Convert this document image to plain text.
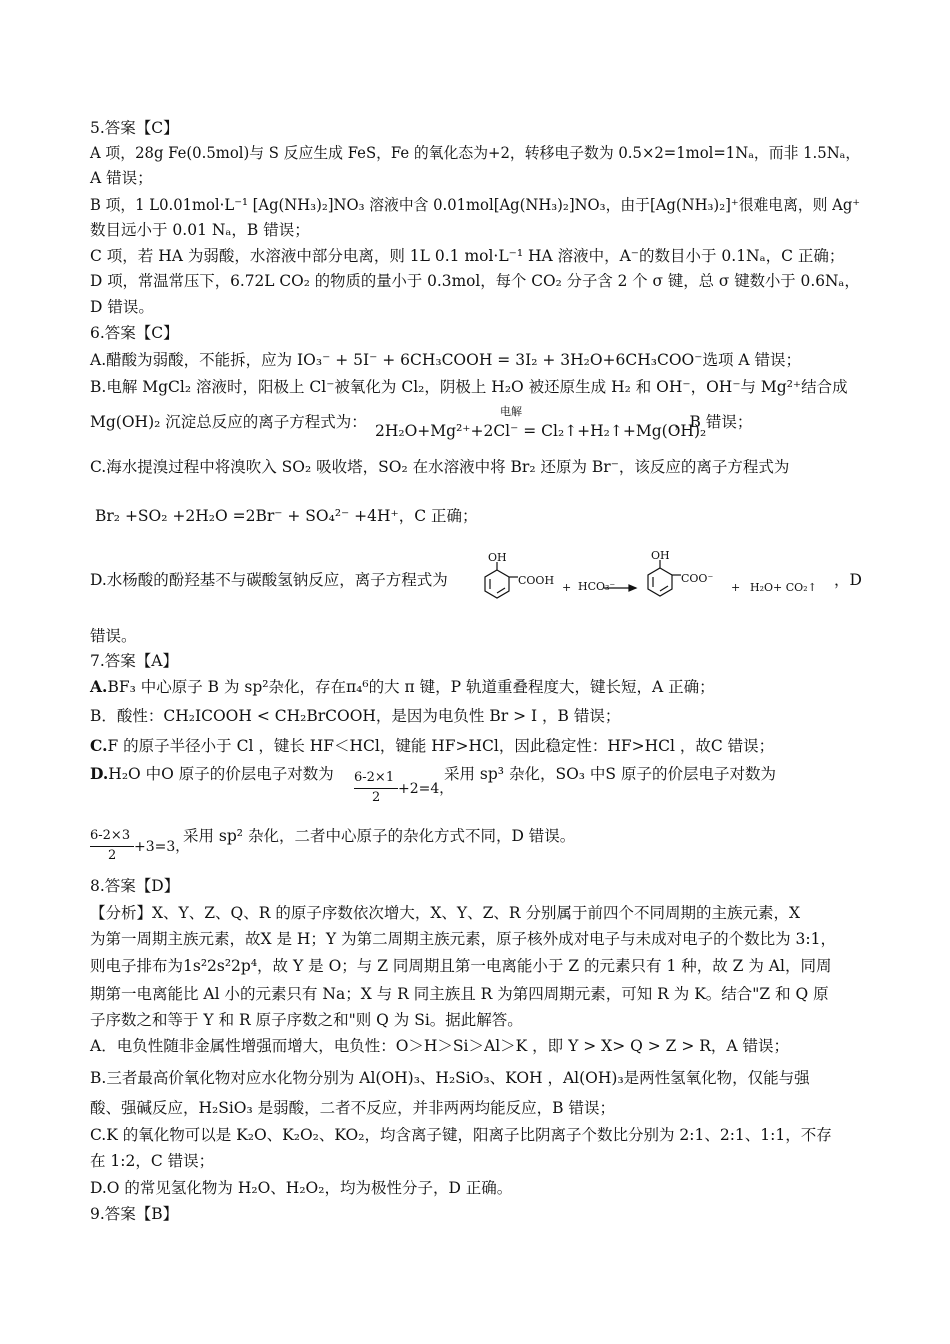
5.答案【C】
A 项，28g Fe(0.5mol)与 S 反应生成 FeS，Fe 的氧化态为+2，转移电子数为 0.5×2=1mol=1Nₐ，而非 1.5Nₐ，
A 错误；
B 项，1 L0.01mol·L⁻¹ [Ag(NH₃)₂]NO₃ 溶液中含 0.01mol[Ag(NH₃)₂]NO₃，由于[Ag(NH₃)₂]⁺很难电离，则 Ag⁺
数目远小于 0.01 Nₐ，B 错误；
C 项，若 HA 为弱酸，水溶液中部分电离，则 1L 0.1 mol·L⁻¹ HA 溶液中，A⁻的数目小于 0.1Nₐ，C 正确；
D 项，常温常压下，6.72L CO₂ 的物质的量小于 0.3mol，每个 CO₂ 分子含 2 个 σ 键，总 σ 键数小于 0.6Nₐ，
D 错误。
6.答案【C】
A.醋酸为弱酸，不能拆，应为 IO₃⁻ + 5I⁻ + 6CH₃COOH = 3I₂ + 3H₂O+6CH₃COO⁻选项 A 错误；
B.电解 MgCl₂ 溶液时，阳极上 Cl⁻被氧化为 Cl₂，阴极上 H₂O 被还原生成 H₂ 和 OH⁻，OH⁻与 Mg²⁺结合成
Mg(OH)₂ 沉淀总反应的离子方程式为：
电解
2H₂O+Mg²⁺+2Cl⁻ = Cl₂↑+H₂↑+Mg(OH)₂
，B 错误；
C.海水提溴过程中将溴吹入 SO₂ 吸收塔，SO₂ 在水溶液中将 Br₂ 还原为 Br⁻，该反应的离子方程式为
Br₂ +SO₂ +2H₂O =2Br⁻ + SO₄²⁻ +4H⁺，C 正确；
D.水杨酸的酚羟基不与碳酸氢钠反应，离子方程式为
OH
COOH
+ HCO₃⁻
OH
COO⁻
+ H₂O+ CO₂↑ ，D
错误。
7.答案【A】
A.BF₃ 中心原子 B 为 sp²杂化，存在π₄⁶的大 π 键，P 轨道重叠程度大，键长短，A 正确；
B．酸性：CH₂ICOOH < CH₂BrCOOH，是因为电负性 Br > I ，B 错误；
C.F 的原子半径小于 Cl ，键长 HF＜HCl，键能 HF>HCl，因此稳定性：HF>HCl ，故C 错误；
D.H₂O 中O 原子的价层电子对数为 6-2×1
2
+2=4，
采用 sp³ 杂化，SO₃ 中S 原子的价层电子对数为
6-2×3
2
+3=3，
采用 sp² 杂化，二者中心原子的杂化方式不同，D 错误。
8.答案【D】
【分析】X、Y、Z、Q、R 的原子序数依次增大，X、Y、Z、R 分别属于前四个不同周期的主族元素，X
为第一周期主族元素，故X 是 H；Y 为第二周期主族元素，原子核外成对电子与未成对电子的个数比为 3:1，
则电子排布为1s²2s²2p⁴，故 Y 是 O；与 Z 同周期且第一电离能小于 Z 的元素只有 1 种，故 Z 为 Al，同周
期第一电离能比 Al 小的元素只有 Na；X 与 R 同主族且 R 为第四周期元素，可知 R 为 K。结合"Z 和 Q 原
子序数之和等于 Y 和 R 原子序数之和"则 Q 为 Si。据此解答。
A．电负性随非金属性增强而增大，电负性：O＞H＞Si＞Al＞K ，即 Y > X> Q > Z > R，A 错误；
B.三者最高价氧化物对应水化物分别为 Al(OH)₃、H₂SiO₃、KOH ，Al(OH)₃是两性氢氧化物，仅能与强
酸、强碱反应，H₂SiO₃ 是弱酸，二者不反应，并非两两均能反应，B 错误；
C.K 的氧化物可以是 K₂O、K₂O₂、KO₂，均含离子键，阳离子比阴离子个数比分别为 2:1、2:1、1:1，不存
在 1:2，C 错误；
D.O 的常见氢化物为 H₂O、H₂O₂，均为极性分子，D 正确。
9.答案【B】
